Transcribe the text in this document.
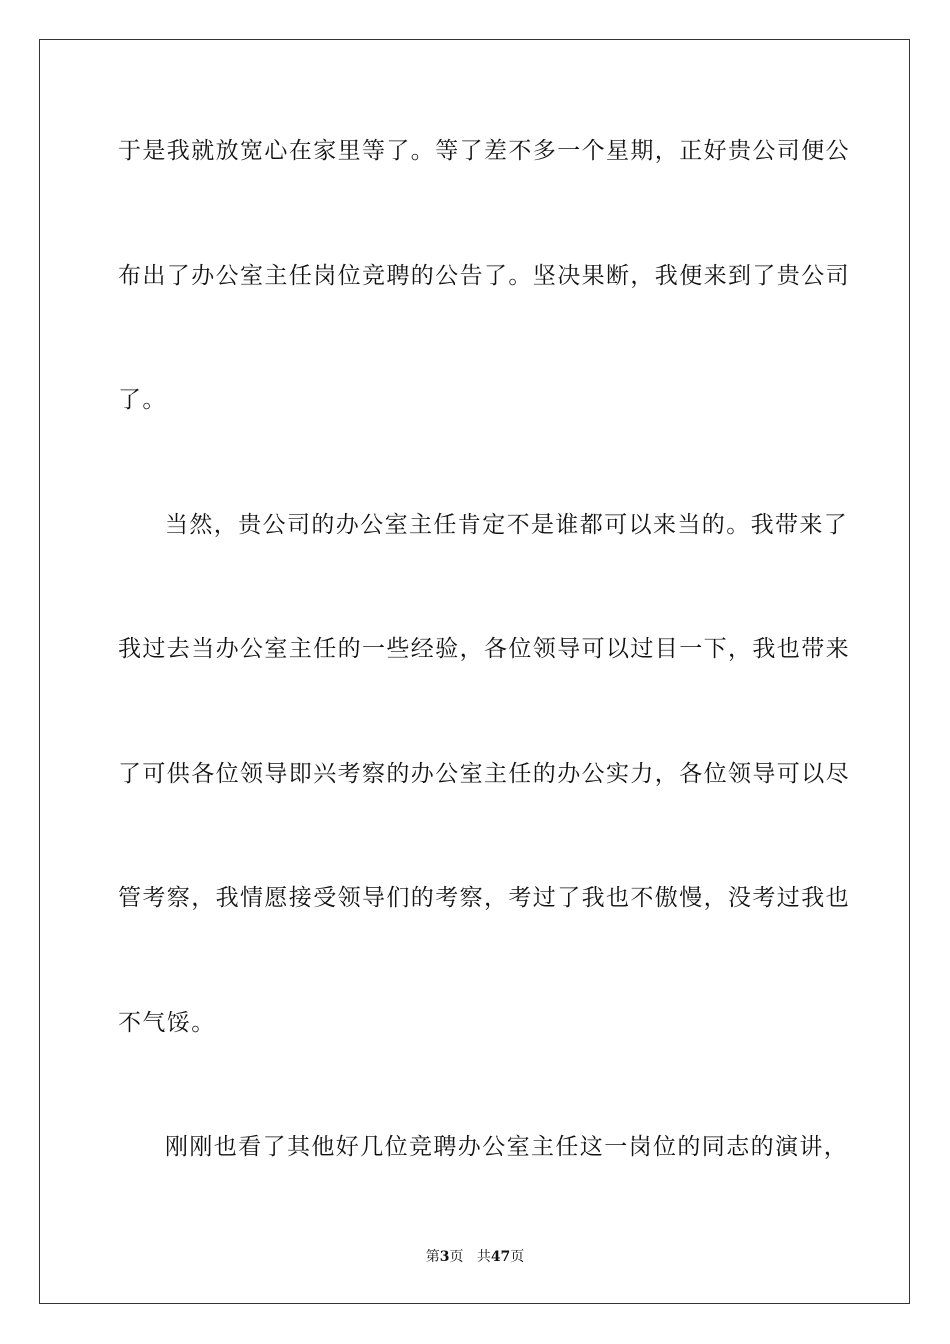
于是我就放宽心在家里等了。等了差不多一个星期，正好贵公司便公
布出了办公室主任岗位竞聘的公告了。坚决果断，我便来到了贵公司
了。
当然，贵公司的办公室主任肯定不是谁都可以来当的。我带来了
我过去当办公室主任的一些经验，各位领导可以过目一下，我也带来
了可供各位领导即兴考察的办公室主任的办公实力，各位领导可以尽
管考察，我情愿接受领导们的考察，考过了我也不傲慢，没考过我也
不气馁。
刚刚也看了其他好几位竞聘办公室主任这一岗位的同志的演讲，
第3页 共47页
